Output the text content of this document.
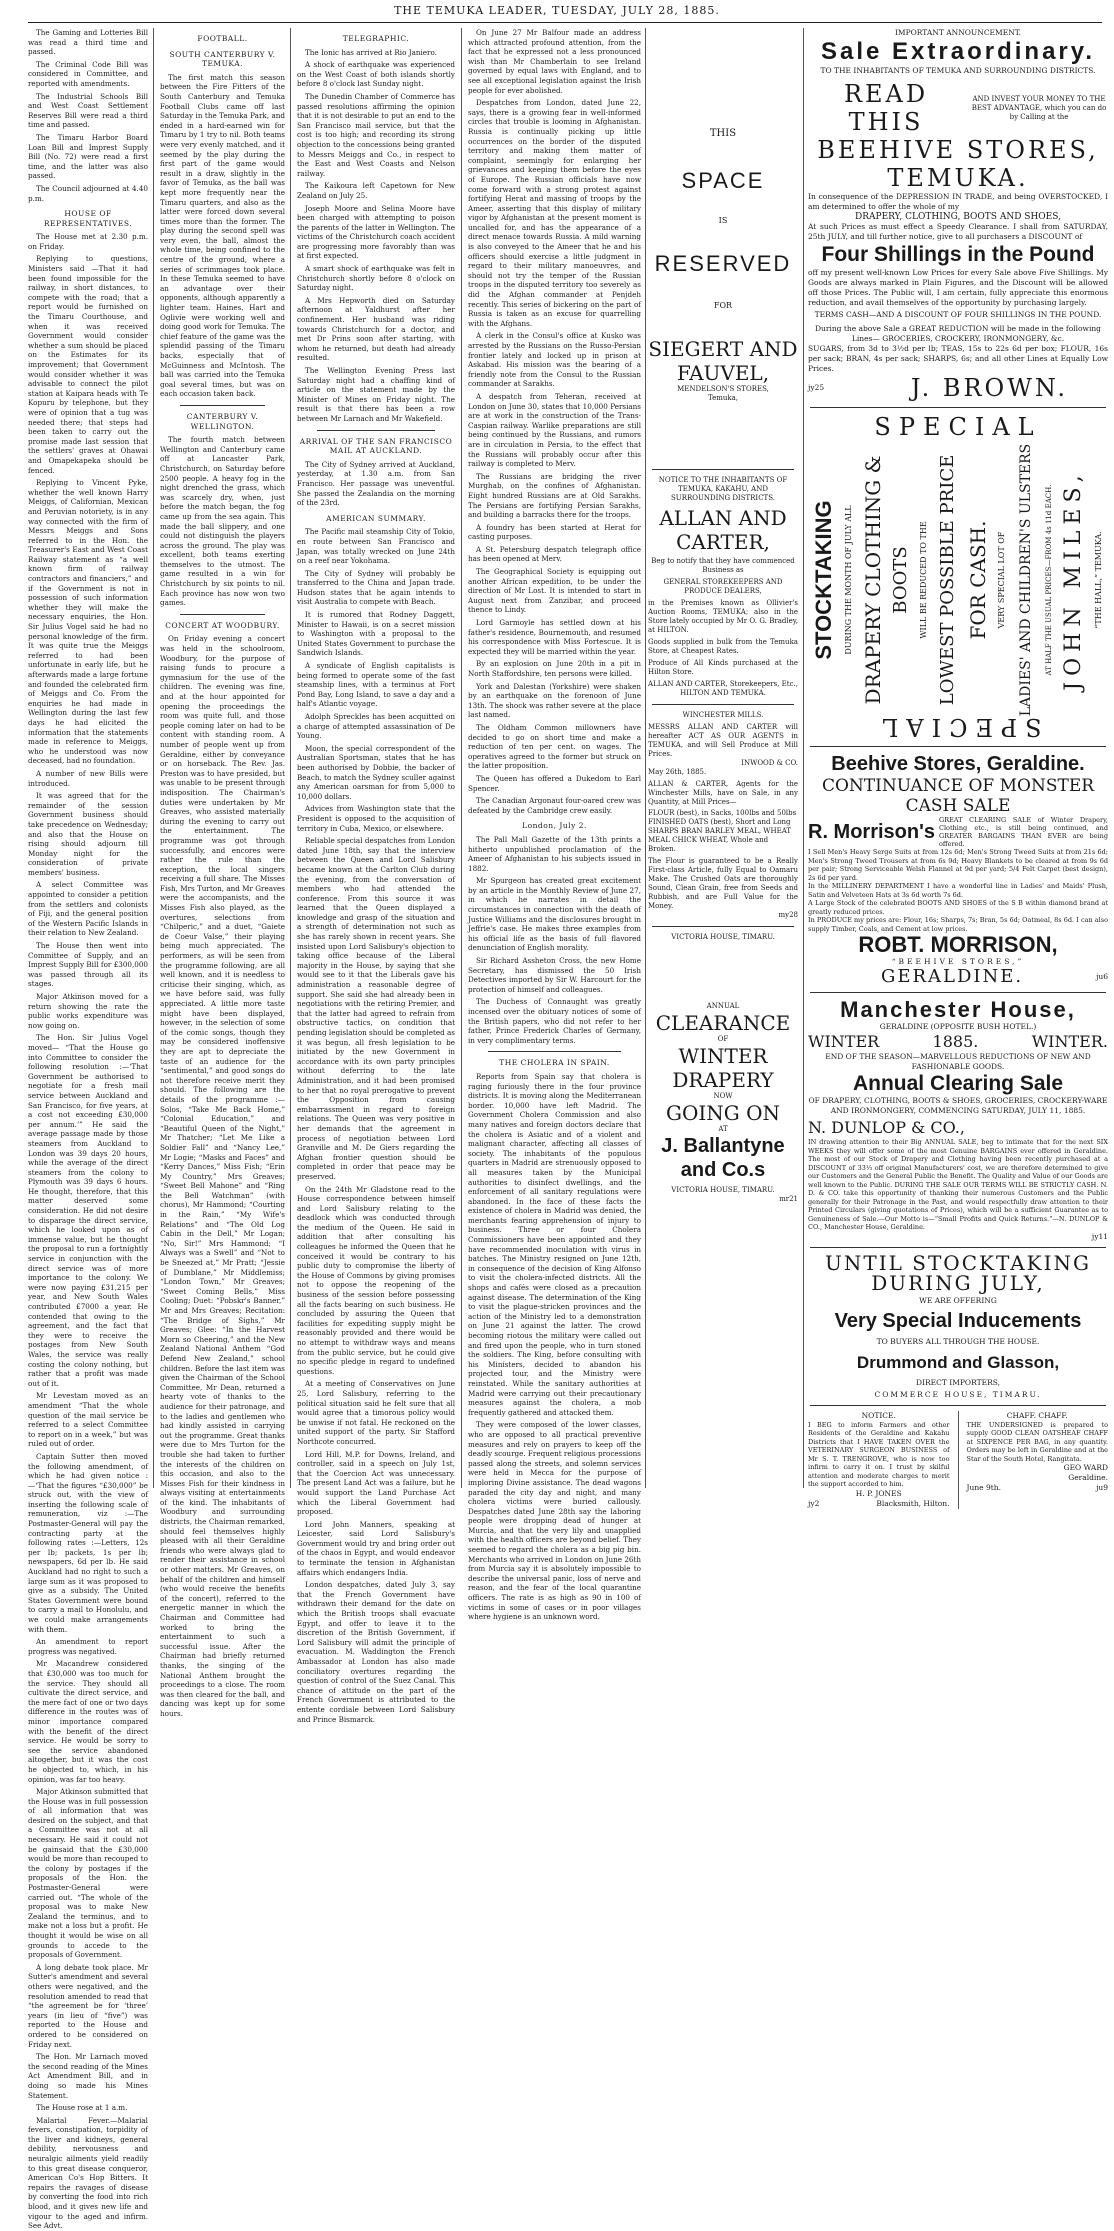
THE TEMUKA LEADER, TUESDAY, JULY 28, 1885.

The Gaming and Lotteries Bill was read a third time and passed.

The Criminal Code Bill was considered in Committee, and reported with amendments.

The Industrial Schools Bill and West Coast Settlement Reserves Bill were read a third time and passed.

The Timaru Harbor Board Loan Bill and Imprest Supply Bill (No. 72) were read a first time, and the latter was also passed.

The Council adjourned at 4.40 p.m.

HOUSE OF REPRESENTATIVES.

The House met at 2.30 p.m. on Friday.

Replying to questions, Ministers said —That it had been found impossible for the railway, in short distances, to compete with the road; that a report would be furnished on the Timaru Courthouse, and when it was received Government would consider whether a sum should be placed on the Estimates for its improvement; that Government would consider whether it was advisable to connect the pilot station at Kaipara heads with Te Kopuru by telephone, but they were of opinion that a tug was needed there; that steps had been taken to carry out the promise made last session that the settlers' graves at Ohawai and Omapekapeka should be fenced.

Replying to Vincent Pyke, whether the well known Harry Meiggs, of Californian, Mexican and Peruvian notoriety, is in any way connected with the firm of Messrs Meiggs and Sons referred to in the Hon. the Treasurer's East and West Coast Railway statement as “a well known firm of railway contractors and financiers,” and if the Government is not in possession of such information whether they will make the necessary enquiries, the Hon. Sir Julius Vogel said he had no personal knowledge of the firm. It was quite true the Meiggs referred to had been unfortunate in early life, but he afterwards made a large fortune and founded the celebrated firm of Meiggs and Co. From the enquiries he had made in Wellington during the last few days he had elicited the information that the statements made in reference to Meiggs, who he understood was now deceased, had no foundation.

A number of new Bills were introduced.

It was agreed that for the remainder of the session Government business should take precedence on Wednesday; and also that the House on rising should adjourn till Monday night for the consideration of private members' business.

A select Committee was appointed to consider a petition from the settlers and colonists of Fiji, and the general position of the Western Pacific Islands in their relation to New Zealand.

The House then went into Committee of Supply, and an Imprest Supply Bill for £300,000 was passed through all its stages.

Major Atkinson moved for a return showing the rate the public works expenditure was now going on.

The Hon. Sir Julius Vogel moved— “That the House go into Committee to consider the following resolution :—‘That Government be authorised to negotiate for a fresh mail service between Auckland and San Francisco, for five years, at a cost not exceeding £30,000 per annum.’” He said the average passage made by those steamers from Auckland to London was 39 days 20 hours, while the average of the direct steamers from the colony to Plymouth was 39 days 6 hours. He thought, therefore, that this matter deserved some consideration. He did not desire to disparage the direct service, which he looked upon as of immense value, but he thought the proposal to run a fortnightly service in conjunction with the direct service was of more importance to the colony. We were now paying £31,215 per year, and New South Wales contributed £7000 a year. He contended that owing to the agreement, and the fact that they were to receive the postages from New South Wales, the service was really costing the colony nothing, but rather that a profit was made out of it.

Mr Levestam moved as an amendment “That the whole question of the mail service be referred to a select Committee to report on in a week,” but was ruled out of order.

Captain Sutter then moved the following amendment, of which he had given notice :—‘That the figures “£30,000” be struck out, with the view of inserting the following scale of remuneration, viz :—The Postmaster-General will pay the contracting party at the following rates :—Letters, 12s per lb; packets, 1s per lb; newspapers, 6d per lb. He said Auckland had no right to such a large sum as it was proposed to give as a subsidy. The United States Government were bound to carry a mail to Honolulu, and we could make arrangements with them.

An amendment to report progress was negatived.

Mr Macandrew considered that £30,000 was too much for the service. They should all cultivate the direct service, and the mere fact of one or two days difference in the routes was of minor importance compared with the benefit of the direct service. He would be sorry to see the service abandoned altogether, but it was the cost he objected to, which, in his opinion, was far too heavy.

Major Atkinson submitted that the House was in full possession of all information that was desired on the subject, and that a Committee was not at all necessary. He said it could not be gainsaid that the £30,000 would be more than recouped to the colony by postages if the proposals of the Hon. the Postmaster-General were carried out. “The whole of the proposal was to make New Zealand the terminus, and to make not a loss but a profit. He thought it would be wise on all grounds to accede to the proposals of Government.

A long debate took place. Mr Sutter's amendment and several others were negatived, and the resolution amended to read that “the agreement be for ‘three’ years (in lieu of “five”) was reported to the House and ordered to be considered on Friday next.

The Hon. Mr Larnach moved the second reading of the Mines Act Amendment Bill, and in doing so made his Mines Statement.

The House rose at 1 a.m.

Malarial Fever.—Malarial fevers, constipation, torpidity of the liver and kidneys, general debility, nervousness and neuralgic ailments yield readily to this great disease conqueror, American Co's Hop Bitters. It repairs the ravages of disease by converting the food into rich blood, and it gives new life and vigour to the aged and infirm. See Advt.

FOOTBALL.

SOUTH CANTERBURY V. TEMUKA.

The first match this season between the Fire Fitters of the South Canterbury and Temuka Football Clubs came off last Saturday in the Temuka Park, and ended in a hard-earned win for Timaru by 1 try to nil. Both teams were very evenly matched, and it seemed by the play during the first part of the game would result in a draw, slightly in the favor of Temuka, as the ball was kept more frequently near the Timaru quarters, and also as the latter were forced down several times more than the former. The play during the second spell was very even, the ball, almost the whole time, being confined to the centre of the ground, where a series of scrimmages took place. In these Temuka seemed to have an advantage over their opponents, although apparently a lighter team. Haines, Hart and Oglivie were working well and doing good work for Temuka. The chief feature of the game was the splendid passing of the Timaru backs, especially that of McGuinness and McIntosh. The ball was carried into the Temuka goal several times, but was on each occasion taken back.

CANTERBURY V. WELLINGTON.

The fourth match between Wellington and Canterbury came off at Lancaster Park, Christchurch, on Saturday before 2500 people. A heavy fog in the night drenched the grass, which was scarcely dry, when, just before the match began, the fog came up from the sea again. This made the ball slippery, and one could not distinguish the players across the ground. The play was excellent, both teams exerting themselves to the utmost. The game resulted in a win for Christchurch by six points to nil. Each province has now won two games.

CONCERT AT WOODBURY.

On Friday evening a concert was held in the schoolroom, Woodbury, for the purpose of raising funds to procure a gymnasium for the use of the children. The evening was fine, and at the hour appointed for opening the proceedings the room was quite full, and those people coming later on had to be content with standing room. A number of people went up from Geraldine, either by conveyance or on horseback. The Rev. Jas. Preston was to have presided, but was unable to be present through indisposition. The Chairman's duties were undertaken by Mr Greaves, who assisted materially during the evening to carry out the entertainment. The programme was got through successfully, and encores were rather the rule than the exception, the local singers receiving a full share. The Misses Fish, Mrs Turton, and Mr Greaves were the accompanists, and the Misses Fish also played, as the overtures, selections from “Chilperic,” and a duet, “Gaiete de Coeur Valse,” their playing being much appreciated. The performers, as will be seen from the programme following, are all well known, and it is needless to criticise their singing, which, as we have before said, was fully appreciated. A little more taste might have been displayed, however, in the selection of some of the comic songs, though they may be considered inoffensive they are apt to depreciate the taste of an audience for the “sentimental,” and good songs do not therefore receive merit they should. The following are the details of the programme :—Solos, “Take Me Back Home,” “Colonial Education,” and “Beautiful Queen of the Night,” Mr Thatcher; “Let Me Like a Soldier Fall” and “Nancy Lee,” Mr Logie; “Masks and Faces” and “Kerry Dances,” Miss Fish; “Erin My Country,” Mrs Greaves; “Sweet Bell Mahone” and “Ring the Bell Watchman” (with chorus), Mr Hammond; “Courting in the Rain,” “My Wife's Relations” and “The Old Log Cabin in the Dell,” Mr Logan; “No, Sir!” Mrs Hammond; “I Always was a Swell” and “Not to be Sneezed at,” Mr Pratt; “Jessie of Dumblane,” Mr Middlemiss; “London Town,” Mr Greaves; “Sweet Coming Bells,” Miss Cooling; Duet: “Pobskr's Banner,” Mr and Mrs Greaves; Recitation: “The Bridge of Sighs,” Mr Greaves; Glee: “In the Harvest Morn so Cheering,” and the New Zealand National Anthem “God Defend New Zealand,” school children. Before the last item was given the Chairman of the School Committee, Mr Dean, returned a hearty vote of thanks to the audience for their patronage, and to the ladies and gentlemen who had kindly assisted in carrying out the programme. Great thanks were due to Mrs Turton for the trouble she had taken to further the interests of the children on this occasion, and also to the Misses Fish for their kindness in always visiting at entertainments of the kind. The inhabitants of Woodbury and surrounding districts, the Chairman remarked, should feel themselves highly pleased with all their Geraldine friends who were always glad to render their assistance in school or other matters. Mr Greaves, on behalf of the children and himself (who would receive the benefits of the concert), referred to the energetic manner in which the Chairman and Committee had worked to bring the entertainment to such a successful issue. After the Chairman had briefly returned thanks, the singing of the National Anthem brought the proceedings to a close. The room was then cleared for the ball, and dancing was kept up for some hours.

TELEGRAPHIC.

The Ionic has arrived at Rio Janiero.

A shock of earthquake was experienced on the West Coast of both islands shortly before 8 o'clock last Sunday night.

The Dunedin Chamber of Commerce has passed resolutions affirming the opinion that it is not desirable to put an end to the San Francisco mail service, but that the cost is too high; and recording its strong objection to the concessions being granted to Messrs Meiggs and Co., in respect to the East and West Coasts and Nelson railway.

The Kaikoura left Capetown for New Zealand on July 25.

Joseph Moore and Selina Moore have been charged with attempting to poison the parents of the latter in Wellington. The victims of the Christchurch coach accident are progressing more favorably than was at first expected.

A smart shock of earthquake was felt in Christchurch shortly before 8 o'clock on Saturday night.

A Mrs Hepworth died on Saturday afternoon at Yaldhurst after her confinement. Her husband was riding towards Christchurch for a doctor, and met Dr Prins soon after starting, with whom he returned, but death had already resulted.

The Wellington Evening Press last Saturday night had a chaffing kind of article on the statement made by the Minister of Mines on Friday night. The result is that there has been a row between Mr Larnach and Mr Wakefield.

ARRIVAL OF THE SAN FRANCISCO MAIL AT AUCKLAND.

The City of Sydney arrived at Auckland, yesterday, at 1.30 a.m. from San Francisco. Her passage was uneventful. She passed the Zealandia on the morning of the 23rd.

AMERICAN SUMMARY.

The Pacific mail steamship City of Tokio, en route between San Francisco and Japan, was totally wrecked on June 24th on a reef near Yokohama.

The City of Sydney will probably be transferred to the China and Japan trade. Hudson states that he again intends to visit Australia to compete with Beach.

It is rumored that Rodney Daggett, Minister to Hawaii, is on a secret mission to Washington with a proposal to the United States Government to purchase the Sandwich Islands.

A syndicate of English capitalists is being formed to operate some of the fast steamship lines, with a terminus at Fort Pond Bay, Long Island, to save a day and a half's Atlantic voyage.

Adolph Spreckles has been acquitted on a charge of attempted assassination of De Young.

Moon, the special correspondent of the Australian Sportsman, states that he has been authorised by Dobbie, the backer of Beach, to match the Sydney sculler against any American oarsman for from 5,000 to 10,000 dollars.

Advices from Washington state that the President is opposed to the acquisition of territory in Cuba, Mexico, or elsewhere.

Reliable special despatches from London dated June 18th, say that the interview between the Queen and Lord Salisbury became known at the Carlton Club during the evening, from the conversation of members who had attended the conference. From this source it was learned that the Queen displayed a knowledge and grasp of the situation and a strength of determination not such as she has rarely shown in recent years. She insisted upon Lord Salisbury's objection to taking office because of the Liberal majority in the House, by saying that she would see to it that the Liberals gave his administration a reasonable degree of support. She said she had already been in negotiations with the retiring Premier, and that the latter had agreed to refrain from obstructive tactics, on condition that pending legislation should be completed as it was begun, all fresh legislation to be initiated by the new Government in accordance with its own party principles without deferring to the late Administration, and it had been promised to her that no royal prerogative to prevent the Opposition from causing embarrassment in regard to foreign relations. The Queen was very positive in her demands that the agreement in process of negotiation between Lord Granville and M. De Giers regarding the Afghan frontier question should be completed in order that peace may be preserved.

On the 24th Mr Gladstone read to the House correspondence between himself and Lord Salisbury relating to the deadlock which was conducted through the medium of the Queen. He said in addition that after consulting his colleagues he informed the Queen that he conceived it would be contrary to his public duty to compromise the liberty of the House of Commons by giving promises not to oppose the reopening of the business of the session before possessing all the facts bearing on such business. He concluded by assuring the Queen that facilities for expediting supply might be reasonably provided and there would be no attempt to withdraw ways and means from the public service, but he could give no specific pledge in regard to undefined questions.

At a meeting of Conservatives on June 25, Lord Salisbury, referring to the political situation said he felt sure that all would agree that a timorous policy would be unwise if not fatal. He reckoned on the united support of the party. Sir Stafford Northcote concurred.

Lord Hill, M.P. for Downs, Ireland, and controller, said in a speech on July 1st, that the Coercion Act was unnecessary. The present Land Act was a failure, but he would support the Land Purchase Act which the Liberal Government had proposed.

Lord John Manners, speaking at Leicester, said Lord Salisbury's Government would try and bring order out of the chaos in Egypt, and would endeavor to terminate the tension in Afghanistan affairs which endangers India.

London despatches, dated July 3, say that the French Government have withdrawn their demand for the date on which the British troops shall evacuate Egypt, and offer to leave it to the discretion of the British Government, if Lord Salisbury will admit the principle of evacuation. M. Waddington the French Ambassador at London has also made conciliatory overtures regarding the question of control of the Suez Canal. This chance of attitude on the part of the French Government is attributed to the entente cordiale between Lord Salisbury and Prince Bismarck.

On June 27 Mr Balfour made an address which attracted profound attention, from the fact that he expressed not a less pronounced wish than Mr Chamberlain to see Ireland governed by equal laws with England, and to see all exceptional legislation against the Irish people for ever abolished.

Despatches from London, dated June 22, says, there is a growing fear in well-informed circles that trouble is looming in Afghanistan. Russia is continually picking up little occurrences on the border of the disputed territory and making them matter of complaint, seemingly for enlarging her grievances and keeping them before the eyes of Europe. The Russian officials have now come forward with a strong protest against fortifying Herat and massing of troops by the Ameer, asserting that this display of military vigor by Afghanistan at the present moment is uncalled for, and has the appearance of a direct menace towards Russia. A mild warning is also conveyed to the Ameer that he and his officers should exercise a little judgment in regard to their military manoeuvres, and should not try the temper of the Russian troops in the disputed territory too severely as did the Afghan commander at Penjdeh recently. This series of bickering on the part of Russia is taken as an excuse for quarrelling with the Afghans.

A clerk in the Consul's office at Kusko was arrested by the Russians on the Russo-Persian frontier lately and locked up in prison at Askabad. His mission was the bearing of a friendly note from the Consul to the Russian commander at Sarakhs.

A despatch from Teheran, received at London on June 30, states that 10,000 Persians are at work in the construction of the Trans-Caspian railway. Warlike preparations are still being continued by the Russians, and rumors are in circulation in Persia, to the effect that the Russians will probably occur after this railway is completed to Merv.

The Russians are bridging the river Murghab, on the confines of Afghanistan. Eight hundred Russians are at Old Sarakhs. The Persians are fortifying Persian Sarakhs, and building a barracks there for the troops.

A foundry has been started at Herat for casting purposes.

A St. Petersburg despatch telegraph office has been opened at Merv.

The Geographical Society is equipping out another African expedition, to be under the direction of Mr Lost. It is intended to start in August next from Zanzibar, and proceed thence to Lindy.

Lord Garmoyle has settled down at his father's residence, Bournemouth, and resumed his correspondence with Miss Fortescue. It is expected they will be married within the year.

By an explosion on June 20th in a pit in North Staffordshire, ten persons were killed.

York and Dalestan (Yorkshire) were shaken by an earthquake on the forenoon of June 13th. The shock was rather severe at the place last named.

The Oldham Common millowners have decided to go on short time and make a reduction of ten per cent. on wages. The operatives agreed to the former but struck on the latter proposition.

The Queen has offered a Dukedom to Earl Spencer.

The Canadian Argonaut four-oared crew was defeated by the Cambridge crew easily.

London, July 2.

The Pall Mall Gazette of the 13th prints a hitherto unpublished proclamation of the Ameer of Afghanistan to his subjects issued in 1882.

Mr Spurgeon has created great excitement by an article in the Monthly Review of June 27, in which he narrates in detail the circumstances in connection with the death of Justice Williams and the disclosures brought in Jeffrie's case. He makes three examples from his official life as the basis of full flavored denunciation of English morality.

Sir Richard Assheton Cross, the new Home Secretary, has dismissed the 50 Irish Detectives imported by Sir W. Harcourt for the protection of himself and colleagues.

The Duchess of Connaught was greatly incensed over the obituary notices of some of the British papers, who did not refer to her father, Prince Frederick Charles of Germany, in very complimentary terms.

THE CHOLERA IN SPAIN.

Reports from Spain say that cholera is raging furiously there in the four province districts. It is moving along the Mediterranean border. 10,000 have left Madrid. The Government Cholera Commission and also many natives and foreign doctors declare that the cholera is Asiatic and of a violent and malignant character, affecting all classes of society. The inhabitants of the populous quarters in Madrid are strenuously opposed to all measures taken by the Municipal authorities to disinfect dwellings, and the enforcement of all sanitary regulations were abandoned. In the face of these facts the existence of cholera in Madrid was denied, the merchants fearing apprehension of injury to business. Three or four Cholera Commissioners have been appointed and they have recommended inoculation with virus in batches. The Ministry resigned on June 12th, in consequence of the decision of King Alfonso to visit the cholera-infected districts. All the shops and cafés were closed as a precaution against disease. The determination of the King to visit the plague-stricken provinces and the action of the Ministry led to a demonstration on June 21 against the latter. The crowd becoming riotous the military were called out and fired upon the people, who in turn stoned the soldiers. The King, before consulting with his Ministers, decided to abandon his projected tour, and the Ministry were reinstated. While the sanitary authorities at Madrid were carrying out their precautionary measures against the cholera, a mob frequently gathered and attacked them.

They were composed of the lower classes, who are opposed to all practical preventive measures and rely on prayers to keep off the deadly scourge. Frequent religious processions passed along the streets, and solemn services were held in Mecca for the purpose of imploring Divine assistance. The dead wagons paraded the city day and night, and many cholera victims were buried callously. Despatches dated June 28th say the laboring people were dropping dead of hunger at Murcia, and that the very lily and unapplied with the health officers are beyond belief. They seemed to regard the cholera as a big pig bin. Merchants who arrived in London on June 26th from Murcia say it is absolutely impossible to describe the universal panic, loss of nerve and reason, and the fear of the local quarantine officers. The rate is as high as 90 in 100 of victims in some of cases or in poor villages where hygiene is an unknown word.

THIS
SPACE
IS
RESERVED
FOR
SIEGERT AND FAUVEL,
MENDELSON'S STORES,
Temuka,
NOTICE TO THE INHABITANTS OF TEMUKA, KAKAHU, AND SURROUNDING DISTRICTS.
ALLAN AND CARTER,
Beg to notify that they have commenced Business as
GENERAL STOREKEEPERS AND PRODUCE DEALERS,
in the Premises known as Ollivier's Auction Rooms, TEMUKA; also in the Store lately occupied by Mr O. G. Bradley, at HILTON.
Goods supplied in bulk from the Temuka Store, at Cheapest Rates.
Produce of All Kinds purchased at the Hilton Store.
ALLAN AND CARTER, Storekeepers, Etc., HILTON AND TEMUKA.
WINCHESTER MILLS.
MESSRS ALLAN AND CARTER will hereafter ACT AS OUR AGENTS in TEMUKA, and will Sell Produce at Mill Prices.
INWOOD & CO.
May 26th, 1885.
ALLAN & CARTER, Agents for the Winchester Mills, have on Sale, in any Quantity, at Mill Prices—
FLOUR (best), in Sacks, 100lbs and 50lbs FINISHED OATS (best), Short and Long SHARPS BRAN BARLEY MEAL, WHEAT MEAL CHICK WHEAT, Whole and Broken.
The Flour is guaranteed to be a Really First-class Article, fully Equal to Oamaru Make. The Crushed Oats are thoroughly Sound, Clean Grain, free from Seeds and Rubbish, and are Full Value for the Money.
my28
VICTORIA HOUSE, TIMARU.
ANNUAL
CLEARANCE
OF
WINTER
DRAPERY
NOW
GOING ON
AT
J. Ballantyne and Co.s
VICTORIA HOUSE, TIMARU.
mr21
IMPORTANT ANNOUNCEMENT.
Sale Extraordinary.
TO THE INHABITANTS OF TEMUKA AND SURROUNDING DISTRICTS.
READ THIS
AND INVEST YOUR MONEY TO THE BEST ADVANTAGE, which you can do by Calling at the
BEEHIVE STORES, TEMUKA.
In consequence of the DEPRESSION IN TRADE, and being OVERSTOCKED, I am determined to offer the whole of my
DRAPERY, CLOTHING, BOOTS AND SHOES,
At such Prices as must effect a Speedy Clearance. I shall from SATURDAY, 25th JULY, and till further notice, give to all purchasers a DISCOUNT of
Four Shillings in the Pound
off my present well-known Low Prices for every Sale above Five Shillings. My Goods are always marked in Plain Figures, and the Discount will be allowed off those Prices. The Public will, I am certain, fully appreciate this enormous reduction, and avail themselves of the opportunity by purchasing largely.
TERMS CASH—AND A DISCOUNT OF FOUR SHILLINGS IN THE POUND.
During the above Sale a GREAT REDUCTION will be made in the following Lines— GROCERIES, CROCKERY, IRONMONGERY, &c.
SUGARS, from 3d to 3½d per lb; TEAS, 15s to 22s 6d per box; FLOUR, 16s per sack; BRAN, 4s per sack; SHARPS, 6s; and all other Lines at Equally Low Prices.
jy25	J. BROWN.
SPECIAL
STOCKTAKING DURING THE MONTH OF JULY ALL DRAPERY CLOTHING & BOOTS WILL BE REDUCED TO THE LOWEST POSSIBLE PRICE FOR CASH. VERY SPECIAL LOT OF LADIES' AND CHILDREN'S ULSTERS AT HALF THE USUAL PRICES—FROM 4s 11d EACH. JOHN MILES, “THE HALL,” TEMUKA.
SPECIAL
Beehive Stores, Geraldine.
CONTINUANCE OF MONSTER CASH SALE
R. Morrison's
GREAT CLEARING SALE of Winter Drapery, Clothing etc., is still being continued, and GREATER BARGAINS THAN EVER are being offered.
I Sell Men's Heavy Serge Suits at from 12s 6d; Men's Strong Tweed Suits at from 21s 6d; Men's Strong Tweed Trousers at from 6s 9d; Heavy Blankets to be cleared at from 9s 6d per pair; Strong Serviceable Welsh Flannel at 9d per yard; 5/4 Felt Carpet (best design), 2s 6d per yard.
In the MILLINERY DEPARTMENT I have a wonderful line in Ladies' and Maids' Plush, Satin and Velveteen Hats at 3s 6d worth 7s 6d.
A Large Stock of the celebrated BOOTS AND SHOES of the S B within diamond brand at greatly reduced prices.
In PRODUCE my prices are: Flour, 16s; Sharps, 7s; Bran, 5s 6d; Oatmeal, 8s 6d. I can also supply Timber, Coals, and Cement at low prices.
ROBT. MORRISON,
“BEEHIVE STORES,”
GERALDINE.	ju6
Manchester House,
GERALDINE (OPPOSITE BUSH HOTEL.)
WINTER	1885.	WINTER.
END OF THE SEASON—MARVELLOUS REDUCTIONS OF NEW AND FASHIONABLE GOODS.
Annual Clearing Sale
OF DRAPERY, CLOTHING, BOOTS & SHOES, GROCERIES, CROCKERY-WARE AND IRONMONGERY, COMMENCING SATURDAY, JULY 11, 1885.
N. DUNLOP & CO.,
IN drawing attention to their Big ANNUAL SALE, beg to intimate that for the next SIX WEEKS they will offer some of the most Genuine BARGAINS ever offered in Geraldine. The most of our Stock of Drapery and Clothing having been recently purchased at a DISCOUNT of 33⅓ off original Manufacturers' cost, we are therefore determined to give our Customers and the General Public the Benefit. The Quality and Value of our Goods are well known to the Public. DURING THE SALE OUR TERMS WILL BE STRICTLY CASH. N. D. & CO. take this opportunity of thanking their numerous Customers and the Public generally for their Patronage in the Past, and would respectfully draw attention to their Printed Circulars (giving quotations of Prices), which will be a sufficient Guarantee as to Genuineness of Sale.—Our Motto is—“Small Profits and Quick Returns.”—N. DUNLOP & CO., Manchester House, Geraldine.
jy11
UNTIL STOCKTAKING
DURING JULY,
WE ARE OFFERING
Very Special Inducements
TO BUYERS ALL THROUGH THE HOUSE.
Drummond and Glasson,
DIRECT IMPORTERS,
COMMERCE HOUSE, TIMARU.
NOTICE.
I BEG to inform Farmers and other Residents of the Geraldine and Kakahu Districts that I HAVE TAKEN OVER the VETERINARY SURGEON BUSINESS of Mr S. T. TRENGROVE, who is now too infirm to carry it on. I trust by skilful attention and moderate charges to merit the support accorded to him.
H. P. JONES
jy2	Blacksmith, Hilton.
CHAFF. CHAFF.
THE UNDERSIGNED is prepared to supply GOOD CLEAN OATSHEAF CHAFF at SIXPENCE PER BAG, in any quantity. Orders may be left in Geraldine and at the Star of the South Hotel, Rangitata.
GEO WARD
Geraldine.
June 9th.	ju9
